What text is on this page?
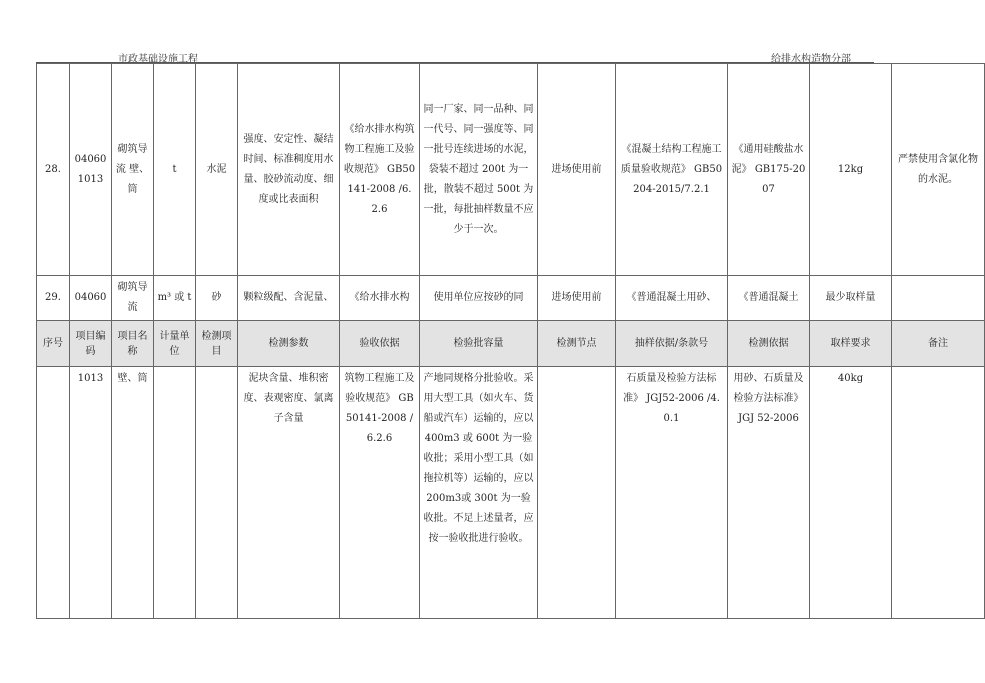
市政基础设施工程	给排水构造物分部
28.	04060 1013	砌筑导流 壁、筒	t	水泥	强度、安定性、凝结时间、标准稠度用水量、胶砂流动度、细度或比表面积	《给水排水构筑物工程施工及验收规范》 GB50141-2008 /6.2.6	同一厂家、同一品种、同一代号、同一强度等、同一批号连续进场的水泥，袋装不超过 200t 为一批，散装不超过 500t 为一批，每批抽样数量不应少于一次。	进场使用前	《混凝土结构工程施工质量验收规范》 GB50204-2015/7.2.1	《通用硅酸盐水泥》 GB175-2007	12kg	严禁使用含氯化物的水泥。
29.	04060	砌筑导流	m³ 或 t	砂	颗粒级配、含泥量、	《给水排水构	使用单位应按砂的同	进场使用前	《普通混凝土用砂、	《普通混凝土	最少取样量	
序号	项目编码	项目名称	计量单位	检测项目	检测参数	验收依据	检验批容量	检测节点	抽样依据/条款号	检测依据	取样要求	备注
	1013	壁、筒			泥块含量、堆积密度、表观密度、氯离子含量	筑物工程施工及验收规范》 GB50141-2008 /6.2.6	产地同规格分批验收。采用大型工具（如火车、货船或汽车）运输的，应以 400m3 或 600t 为一验收批；采用小型工具（如拖拉机等）运输的，应以 200m3或 300t 为一验收批。不足上述量者，应按一验收批进行验收。		石质量及检验方法标准》 JGJ52-2006 /4.0.1	用砂、石质量及检验方法标准》 JGJ 52-2006	40kg	
